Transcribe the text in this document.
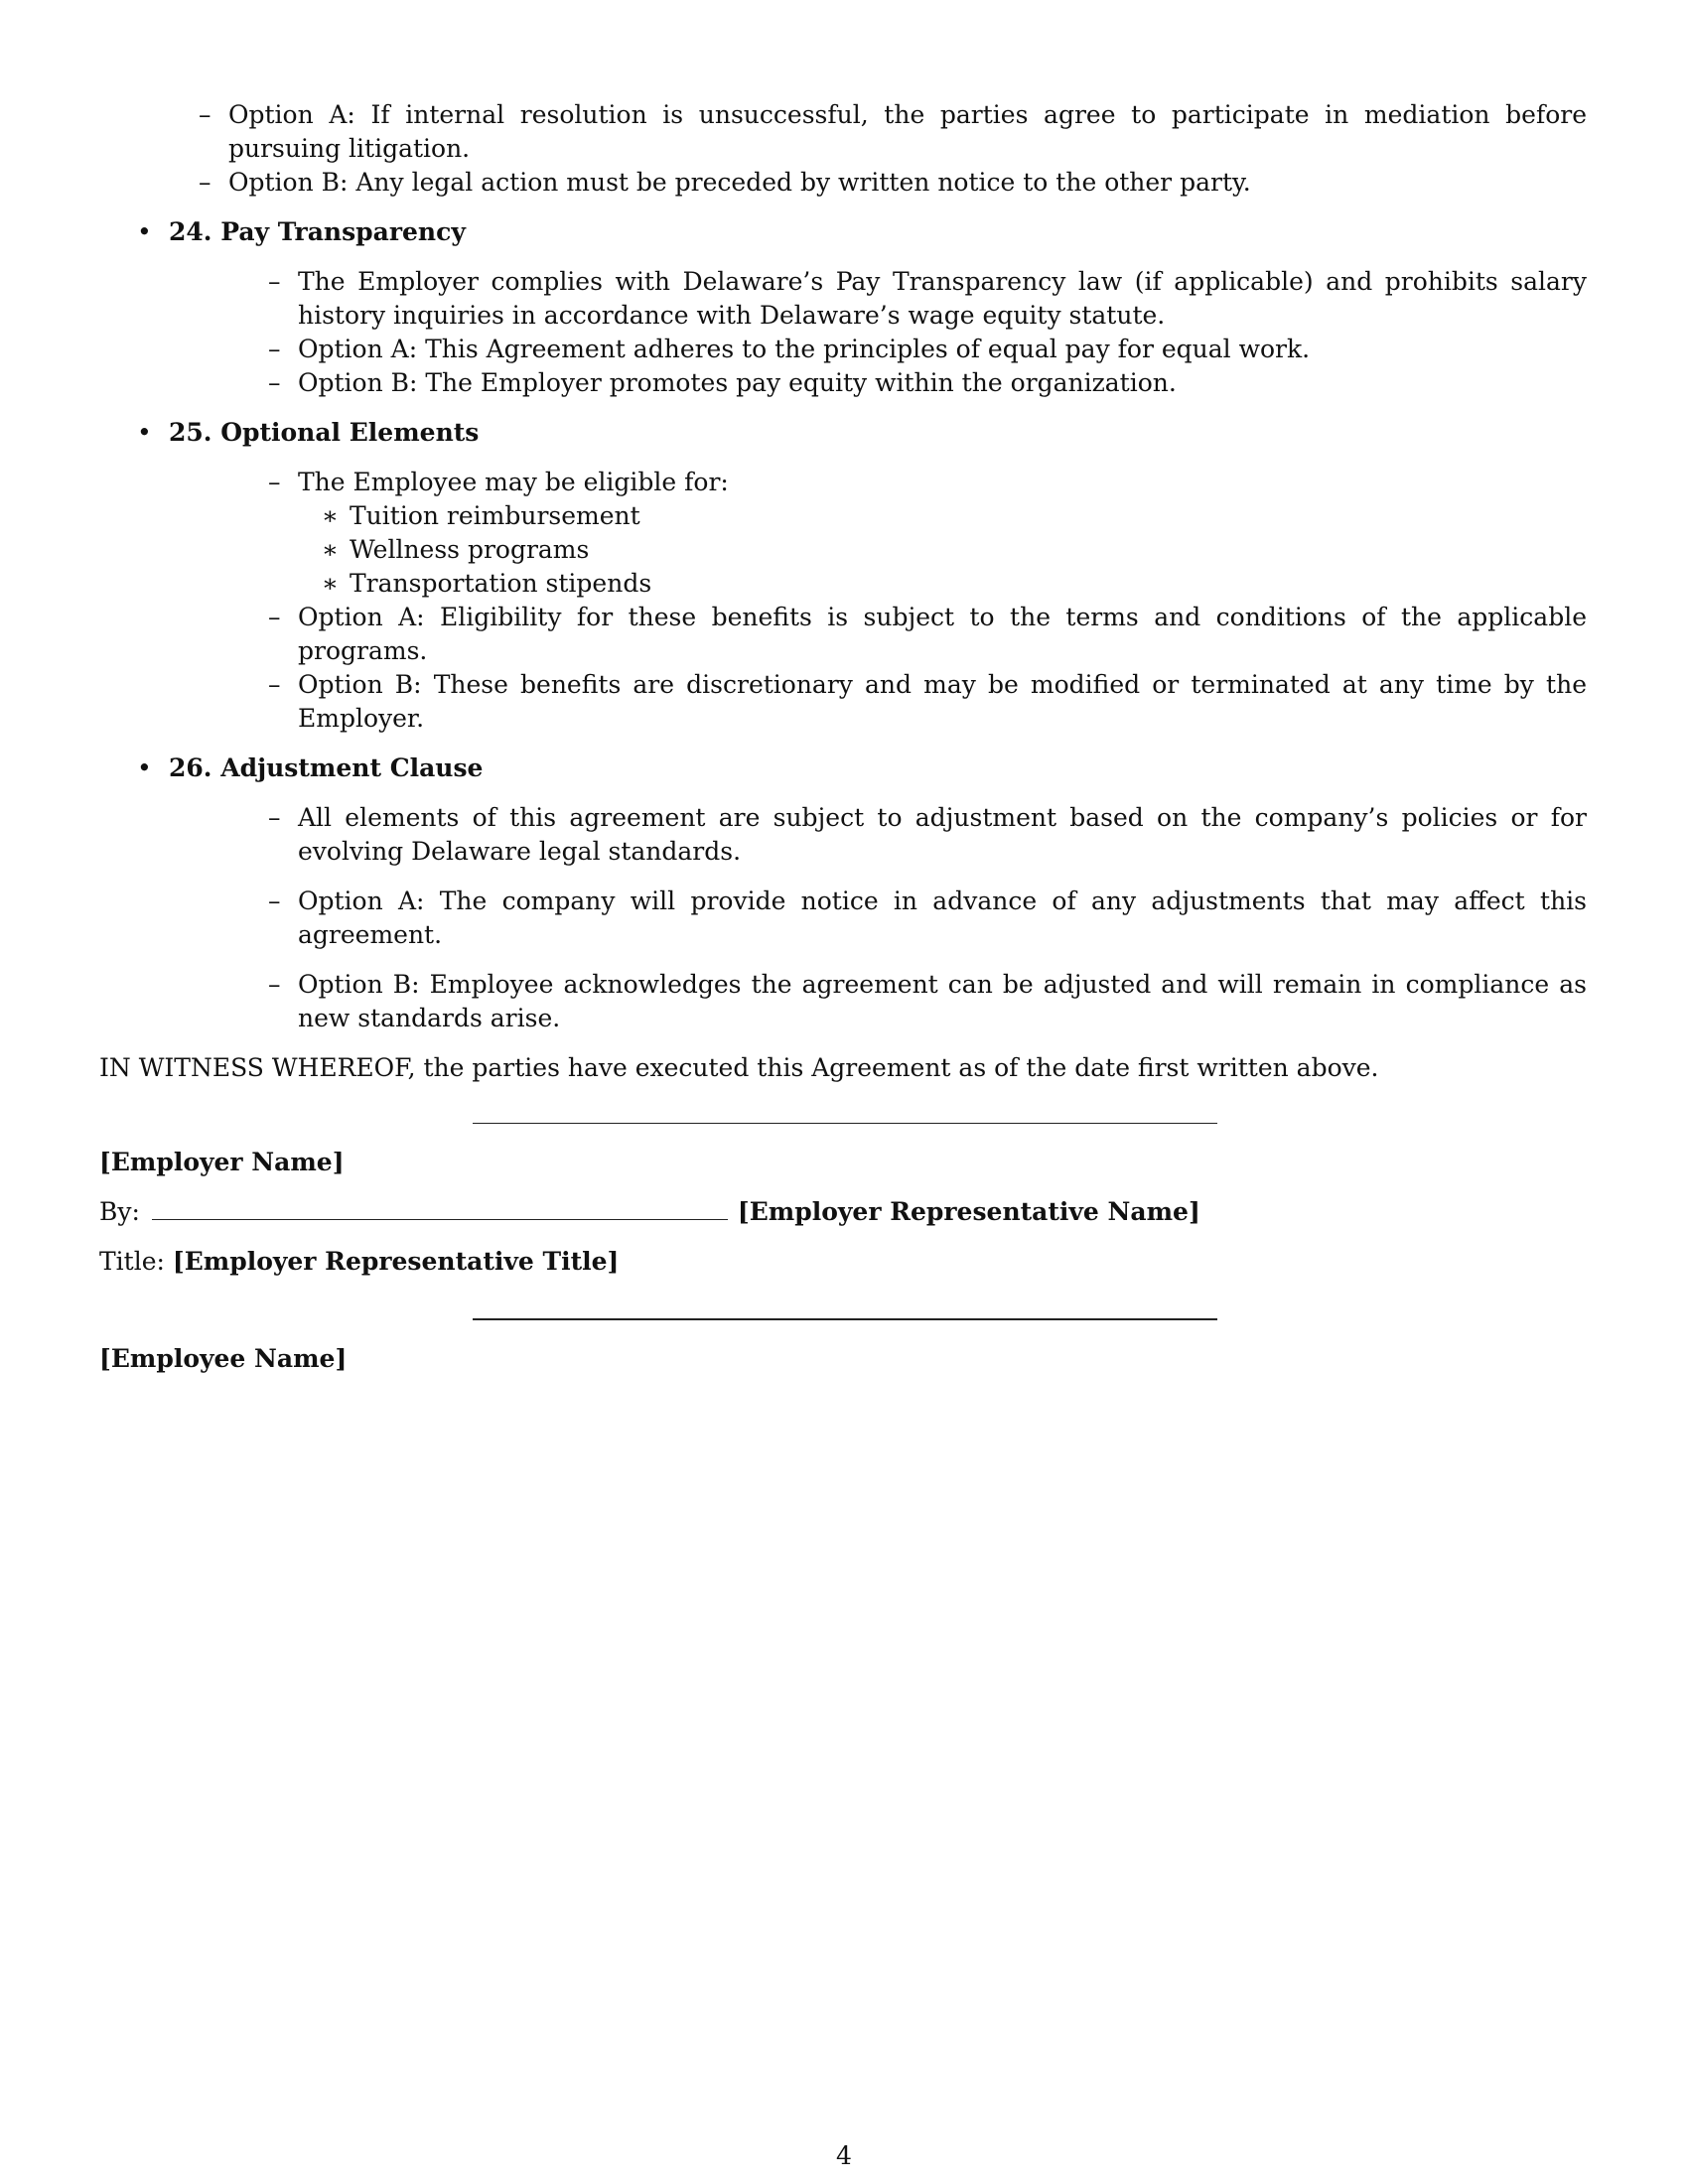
– Option A: If internal resolution is unsuccessful, the parties agree to participate in mediation before pursuing litigation.
– Option B: Any legal action must be preceded by written notice to the other party.
• 24. Pay Transparency
– The Employer complies with Delaware’s Pay Transparency law (if applicable) and prohibits salary history inquiries in accordance with Delaware’s wage equity statute.
– Option A: This Agreement adheres to the principles of equal pay for equal work.
– Option B: The Employer promotes pay equity within the organization.
• 25. Optional Elements
– The Employee may be eligible for:
∗ Tuition reimbursement
∗ Wellness programs
∗ Transportation stipends
– Option A: Eligibility for these benefits is subject to the terms and conditions of the applicable programs.
– Option B: These benefits are discretionary and may be modified or terminated at any time by the Employer.
• 26. Adjustment Clause
– All elements of this agreement are subject to adjustment based on the company’s policies or for evolving Delaware legal standards.
– Option A: The company will provide notice in advance of any adjustments that may affect this agreement.
– Option B: Employee acknowledges the agreement can be adjusted and will remain in compliance as new standards arise.
IN WITNESS WHEREOF, the parties have executed this Agreement as of the date first written above.
[Employer Name]
By:	[Employer Representative Name]
Title:
[Employer Representative Title]
[Employee Name]
4
